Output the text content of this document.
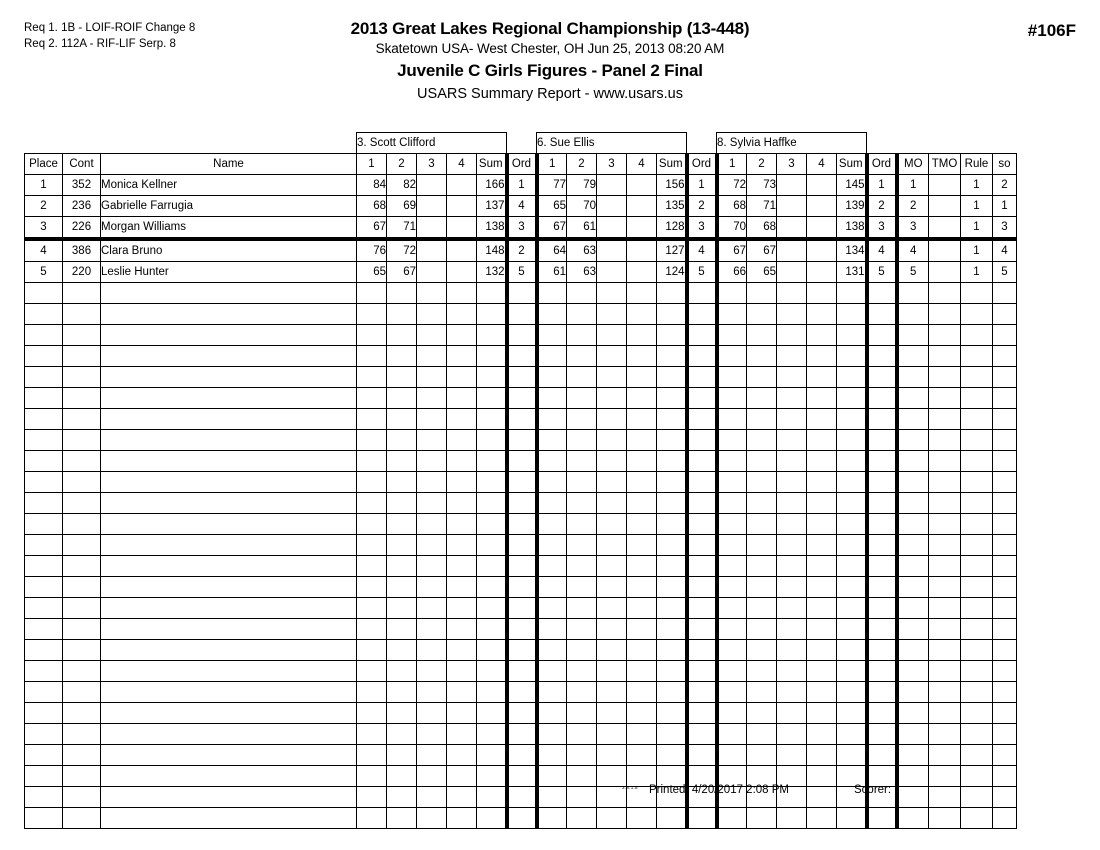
Req 1. 1B - LOIF-ROIF Change 8
Req 2. 112A - RIF-LIF Serp. 8
2013 Great Lakes Regional Championship (13-448)
Skatetown USA- West Chester, OH Jun 25, 2013 08:20 AM
Juvenile C Girls Figures - Panel 2 Final
USARS Summary Report - www.usars.us
#106F
			3. Scott Clifford						6. Sue Ellis						8. Sylvia Haffke									
Place	Cont	Name	1	2	3	4	Sum	Ord	1	2	3	4	Sum	Ord	1	2	3	4	Sum	Ord	MO	TMO	Rule	so
1	352	Monica Kellner	84	82			166	1	77	79			156	1	72	73			145	1	1		1	2
2	236	Gabrielle Farrugia	68	69			137	4	65	70			135	2	68	71			139	2	2		1	1
3	226	Morgan Williams	67	71			138	3	67	61			128	3	70	68			138	3	3		1	3
4	386	Clara Bruno	76	72			148	2	64	63			127	4	67	67			134	4	4		1	4
5	220	Leslie Hunter	65	67			132	5	61	63			124	5	66	65			131	5	5		1	5

3.8.1.8 Printed: 4/20/2017 2:08 PM	Scorer:
